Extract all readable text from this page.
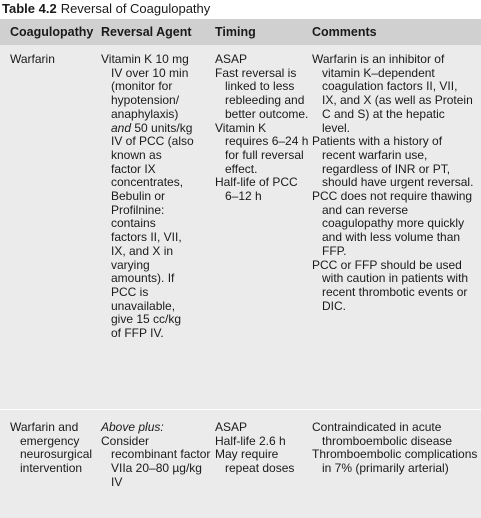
Table 4.2 Reversal of Coagulopathy
Coagulopathy Reversal Agent Timing	Comments

Warfarin	Vitamin K 10 mg

IV over 10 min

(monitor for

hypotension/

anaphylaxis)

and 50 units/kg

IV of PCC (also

known as

factor IX

concentrates,

Bebulin or

Profilnine:

contains

factors II, VII,

IX, and X in

varying

amounts). If

PCC is

unavailable,

give 15 cc/kg

of FFP IV.

ASAP

Fast reversal is linked to less rebleeding and better outcome.

Vitamin K requires 6–24 h for full reversal effect.

Half-life of PCC 6–12 h

Warfarin is an inhibitor of vitamin K–dependent coagulation factors II, VII, IX, and X (as well as Protein C and S) at the hepatic level.

Patients with a history of recent warfarin use, regardless of INR or PT, should have urgent reversal.

PCC does not require thawing and can reverse coagulopathy more quickly and with less volume than FFP.

PCC or FFP should be used with caution in patients with recent thrombotic events or DIC.

Warfarin and emergency neurosurgical intervention

Above plus:

Consider recombinant factor VIIa 20–80 µg/kg IV

ASAP

Half-life 2.6 h

May require repeat doses

Contraindicated in acute thromboembolic disease

Thromboembolic complications in 7% (primarily arterial)
